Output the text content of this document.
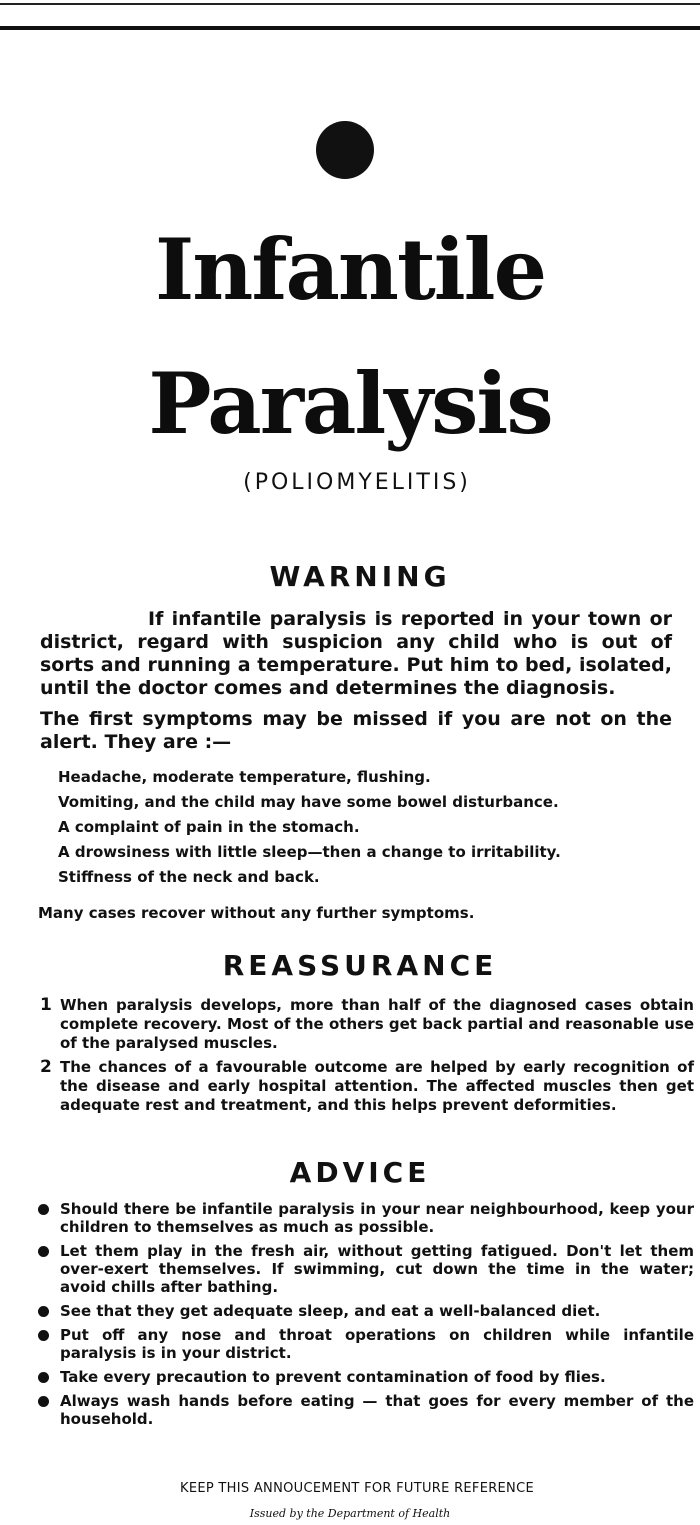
Infantile
Paralysis
(POLIOMYELITIS)
WARNING
If infantile paralysis is reported in your town or district, regard with suspicion any child who is out of sorts and running a temperature. Put him to bed, isolated, until the doctor comes and determines the diagnosis.
The first symptoms may be missed if you are not on the alert. They are :—
Headache, moderate temperature, flushing.
Vomiting, and the child may have some bowel disturbance.
A complaint of pain in the stomach.
A drowsiness with little sleep—then a change to irritability.
Stiffness of the neck and back.
Many cases recover without any further symptoms.
REASSURANCE
1 When paralysis develops, more than half of the diagnosed cases obtain complete recovery. Most of the others get back partial and reasonable use of the paralysed muscles.
2 The chances of a favourable outcome are helped by early recognition of the disease and early hospital attention. The affected muscles then get adequate rest and treatment, and this helps prevent deformities.
ADVICE
Should there be infantile paralysis in your near neighbourhood, keep your children to themselves as much as possible.
Let them play in the fresh air, without getting fatigued. Don't let them over-exert themselves. If swimming, cut down the time in the water; avoid chills after bathing.
See that they get adequate sleep, and eat a well-balanced diet.
Put off any nose and throat operations on children while infantile paralysis is in your district.
Take every precaution to prevent contamination of food by flies.
Always wash hands before eating — that goes for every member of the household.
KEEP THIS ANNOUCEMENT FOR FUTURE REFERENCE
Issued by the Department of Health
